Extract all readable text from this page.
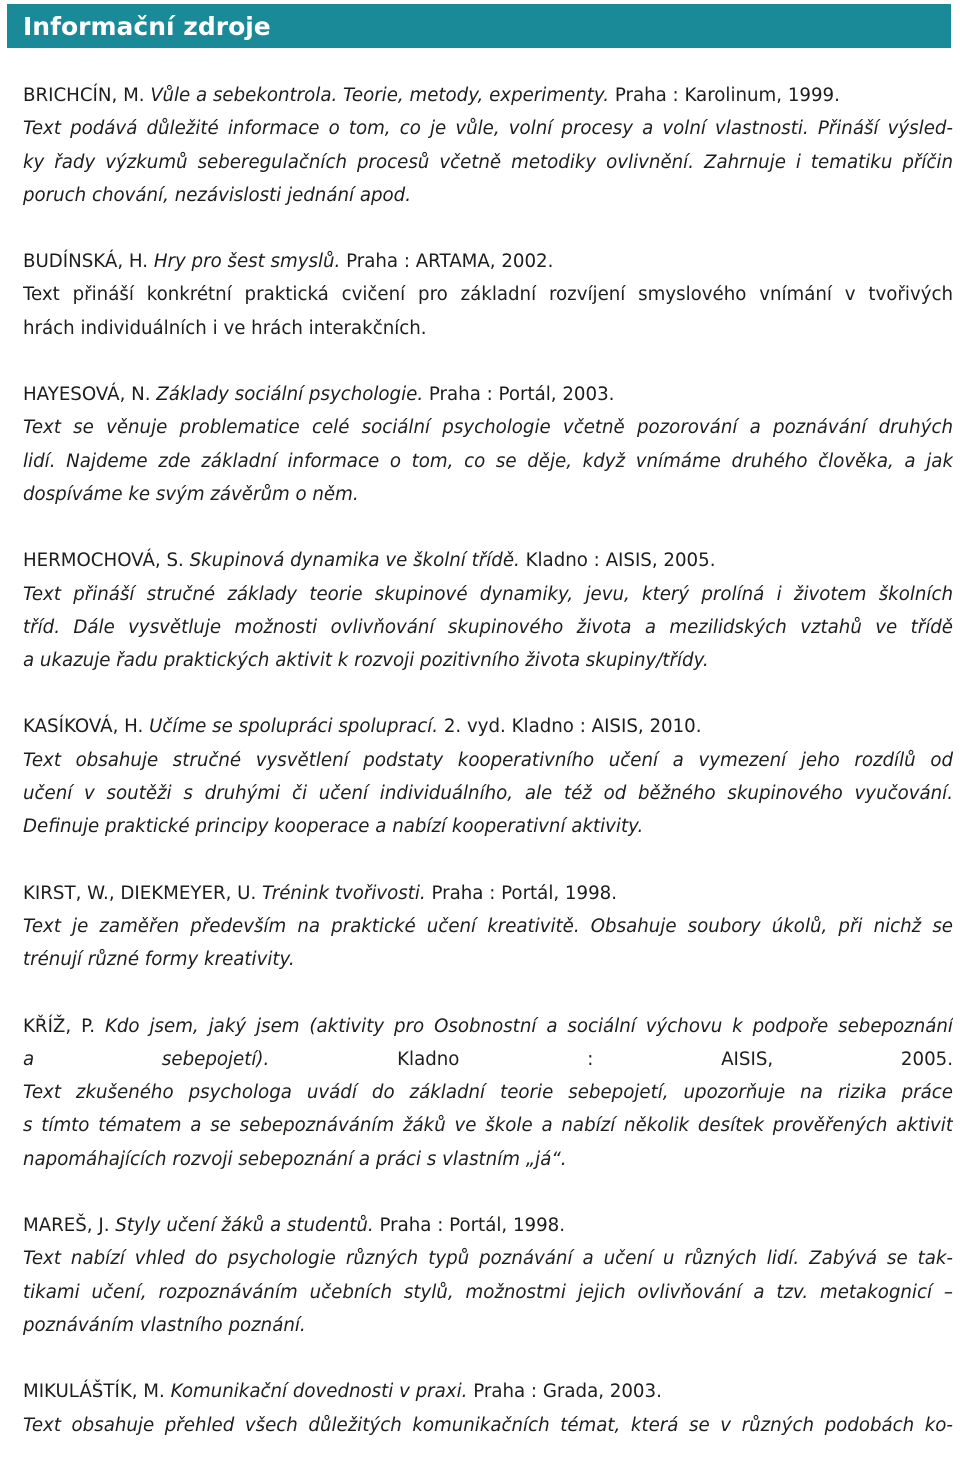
Informační zdroje
BRICHCÍN, M. Vůle a sebekontrola. Teorie, metody, experimenty. Praha : Karolinum, 1999.
Text podává důležité informace o tom, co je vůle, volní procesy a volní vlastnosti. Přináší výsled-
ky řady výzkumů seberegulačních procesů včetně metodiky ovlivnění. Zahrnuje i tematiku příčin
poruch chování, nezávislosti jednání apod.
BUDÍNSKÁ, H. Hry pro šest smyslů. Praha : ARTAMA, 2002.
Text přináší konkrétní praktická cvičení pro základní rozvíjení smyslového vnímání v tvořivých
hrách individuálních i ve hrách interakčních.
HAYESOVÁ, N. Základy sociální psychologie. Praha : Portál, 2003.
Text se věnuje problematice celé sociální psychologie včetně pozorování a poznávání druhých
lidí. Najdeme zde základní informace o tom, co se děje, když vnímáme druhého člověka, a jak
dospíváme ke svým závěrům o něm.
HERMOCHOVÁ, S. Skupinová dynamika ve školní třídě. Kladno : AISIS, 2005.
Text přináší stručné základy teorie skupinové dynamiky, jevu, který prolíná i životem školních
tříd. Dále vysvětluje možnosti ovlivňování skupinového života a mezilidských vztahů ve třídě
a ukazuje řadu praktických aktivit k rozvoji pozitivního života skupiny/třídy.
KASÍKOVÁ, H. Učíme se spolupráci spoluprací. 2. vyd. Kladno : AISIS, 2010.
Text obsahuje stručné vysvětlení podstaty kooperativního učení a vymezení jeho rozdílů od
učení v soutěži s druhými či učení individuálního, ale též od běžného skupinového vyučování.
Definuje praktické principy kooperace a nabízí kooperativní aktivity.
KIRST, W., DIEKMEYER, U. Trénink tvořivosti. Praha : Portál, 1998.
Text je zaměřen především na praktické učení kreativitě. Obsahuje soubory úkolů, při nichž se
trénují různé formy kreativity.
KŘÍŽ, P. Kdo jsem, jaký jsem (aktivity pro Osobnostní a sociální výchovu k podpoře sebepoznání
a sebepojetí). Kladno : AISIS, 2005.
Text zkušeného psychologa uvádí do základní teorie sebepojetí, upozorňuje na rizika práce
s tímto tématem a se sebepoznáváním žáků ve škole a nabízí několik desítek prověřených aktivit
napomáhajících rozvoji sebepoznání a práci s vlastním „já“.
MAREŠ, J. Styly učení žáků a studentů. Praha : Portál, 1998.
Text nabízí vhled do psychologie různých typů poznávání a učení u různých lidí. Zabývá se tak-
tikami učení, rozpoznáváním učebních stylů, možnostmi jejich ovlivňování a tzv. metakognicí –
poznáváním vlastního poznání.
MIKULÁŠTÍK, M. Komunikační dovednosti v praxi. Praha : Grada, 2003.
Text obsahuje přehled všech důležitých komunikačních témat, která se v různých podobách ko-
